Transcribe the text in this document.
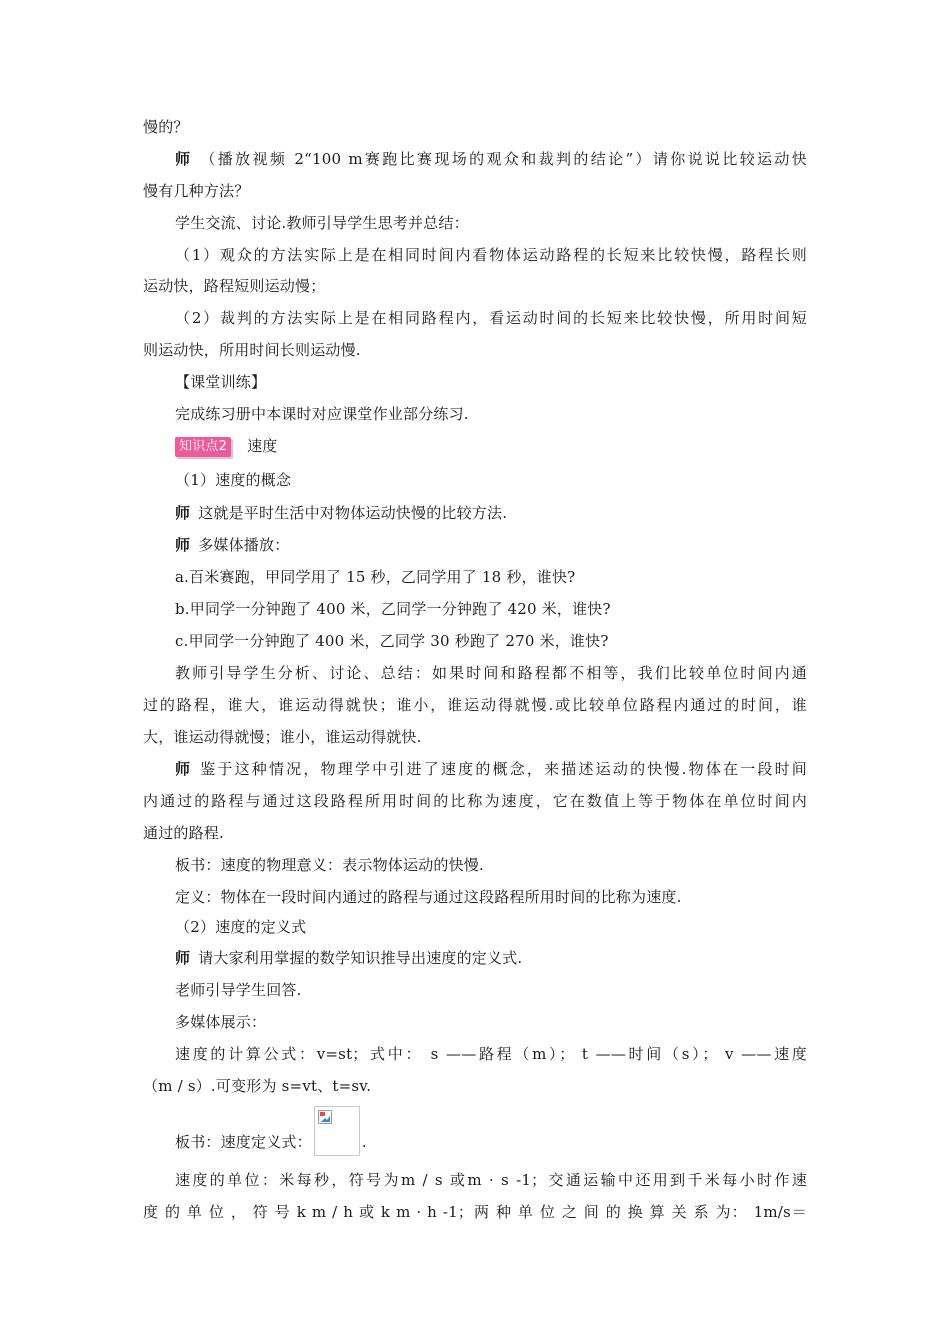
慢的？
师 （播放视频 2“100 m赛跑比赛现场的观众和裁判的结论”）请你说说比较运动快
慢有几种方法？
学生交流、讨论.教师引导学生思考并总结：
（1）观众的方法实际上是在相同时间内看物体运动路程的长短来比较快慢，路程长则
运动快，路程短则运动慢；
（2）裁判的方法实际上是在相同路程内，看运动时间的长短来比较快慢，所用时间短
则运动快，所用时间长则运动慢.
【课堂训练】
完成练习册中本课时对应课堂作业部分练习.
知识点2 速度
（1）速度的概念
师 这就是平时生活中对物体运动快慢的比较方法.
师 多媒体播放：
a.百米赛跑，甲同学用了 15 秒，乙同学用了 18 秒，谁快?
b.甲同学一分钟跑了 400 米，乙同学一分钟跑了 420 米，谁快?
c.甲同学一分钟跑了 400 米，乙同学 30 秒跑了 270 米，谁快?
教师引导学生分析、讨论、总结：如果时间和路程都不相等，我们比较单位时间内通
过的路程，谁大，谁运动得就快；谁小，谁运动得就慢.或比较单位路程内通过的时间，谁
大，谁运动得就慢；谁小，谁运动得就快.
师 鉴于这种情况，物理学中引进了速度的概念，来描述运动的快慢.物体在一段时间
内通过的路程与通过这段路程所用时间的比称为速度，它在数值上等于物体在单位时间内
通过的路程.
板书：速度的物理意义：表示物体运动的快慢.
定义：物体在一段时间内通过的路程与通过这段路程所用时间的比称为速度.
（2）速度的定义式
师 请大家利用掌握的数学知识推导出速度的定义式.
老师引导学生回答.
多媒体展示：
速度的计算公式：v=st；式中： s ——路程（m）； t ——时间（s）； v ——速度
（m / s）.可变形为 s=vt、t=sv.
板书：速度定义式：	.
速度的单位：米每秒，符号为m / s 或m · s -1；交通运输中还用到千米每小时作速
度 的 单 位 ， 符 号 k m / h 或 k m · h -1；两 种 单 位 之 间 的 换 算 关 系 为： 1m/s＝
